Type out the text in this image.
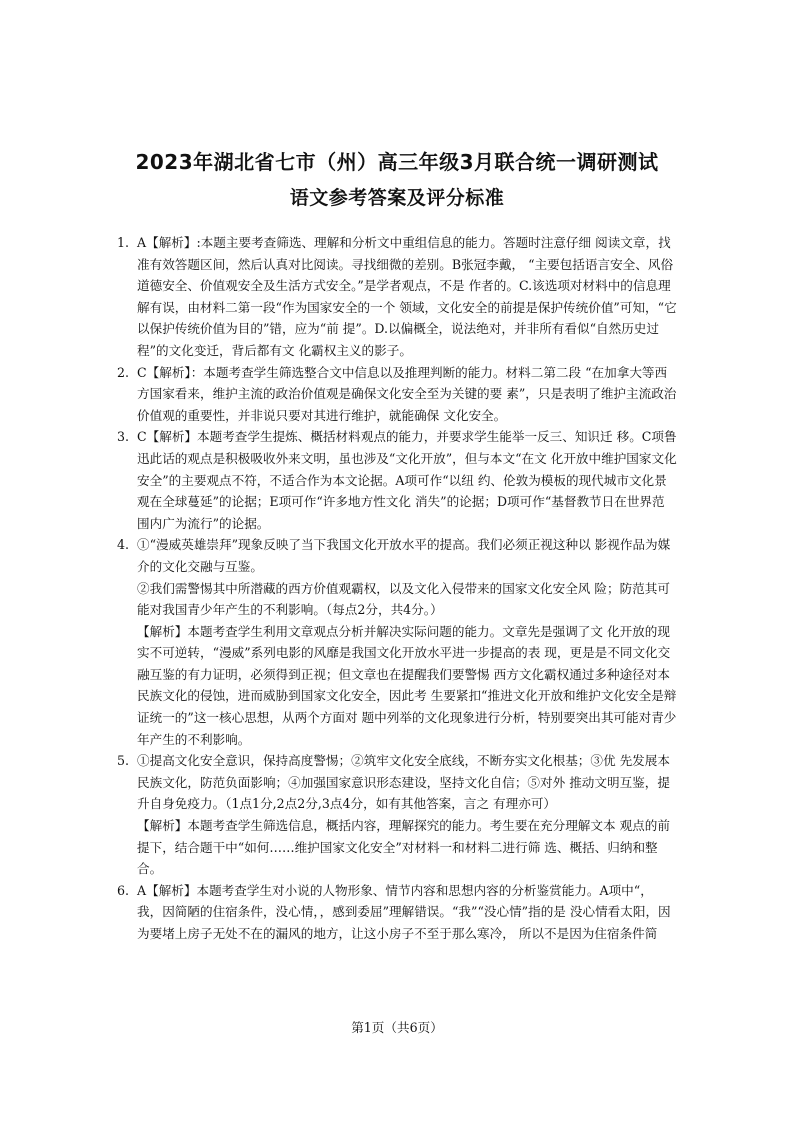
2023年湖北省七市（州）高三年级3月联合统一调研测试
语文参考答案及评分标准
1. A【解析】:本题主要考查筛选、理解和分析文中重组信息的能力。答题时注意仔细 阅读文章，找准有效答题区间，然后认真对比阅读。寻找细微的差别。B张冠李戴， “主要包括语言安全、风俗道德安全、价值观安全及生活方式安全。”是学者观点，不是 作者的。C.该选项对材料中的信息理解有误，由材料二第一段“作为国家安全的一个 领域，文化安全的前提是保护传统价值”可知，“它以保护传统价值为目的”错，应为“前 提”。D.以偏概全，说法绝对，并非所有看似“自然历史过程”的文化变迁，背后都有文 化霸权主义的影子。
2. C【解析】：本题考查学生筛选整合文中信息以及推理判断的能力。材料二第二段 “在加拿大等西方国家看来，维护主流的政治价值观是确保文化安全至为关键的要 素”，只是表明了维护主流政治价值观的重要性，并非说只要对其进行维护，就能确保 文化安全。
3. C【解析】本题考查学生提炼、概括材料观点的能力，并要求学生能举一反三、知识迁 移。C项鲁迅此话的观点是积极吸收外来文明，虽也涉及“文化开放”，但与本文“在文 化开放中维护国家文化安全”的主要观点不符，不适合作为本文论据。A项可作“以纽 约、伦敦为模板的现代城市文化景观在全球蔓延”的论据；E项可作“许多地方性文化 消失”的论据；D项可作“基督教节日在世界范围内广为流行”的论据。
4. ①“漫威英雄崇拜”现象反映了当下我国文化开放水平的提高。我们必须正视这种以 影视作品为媒介的文化交融与互鉴。
②我们需警惕其中所潜藏的西方价值观霸权，以及文化入侵带来的国家文化安全风 险；防范其可能对我国青少年产生的不利影响。（每点2分，共4分。）
【解析】本题考查学生利用文章观点分析并解决实际问题的能力。文章先是强调了文 化开放的现实不可逆转，“漫威”系列电影的风靡是我国文化开放水平进一步提高的表 现，更是是不同文化交融互鉴的有力证明，必须得到正视；但文章也在提醒我们要警惕 西方文化霸权通过多种途径对本民族文化的侵蚀，进而威胁到国家文化安全，因此考 生要紧扣“推进文化开放和维护文化安全是辩证统一的”这一核心思想，从两个方面对 题中列举的文化现象进行分析，特别要突出其可能对青少年产生的不利影响。
5. ①提高文化安全意识，保持高度警惕；②筑牢文化安全底线，不断夯实文化根基；③优 先发展本民族文化，防范负面影响；④加强国家意识形态建设，坚持文化自信；⑤对外 推动文明互鉴，提升自身免疫力。（1点1分,2点2分,3点4分，如有其他答案，言之 有理亦可）
【解析】本题考查学生筛选信息，概括内容，理解探究的能力。考生要在充分理解文本 观点的前提下，结合题干中“如何……维护国家文化安全”对材料一和材料二进行筛 选、概括、归纳和整合。
6. A【解析】本题考查学生对小说的人物形象、情节内容和思想内容的分析鉴赏能力。A项中“，我，因简陋的住宿条件，没心情，，感到委屈”理解错误。“我”“没心情”指的是 没心情看太阳，因为要堵上房子无处不在的漏风的地方，让这小房子不至于那么寒冷， 所以不是因为住宿条件简
第1页（共6页）
